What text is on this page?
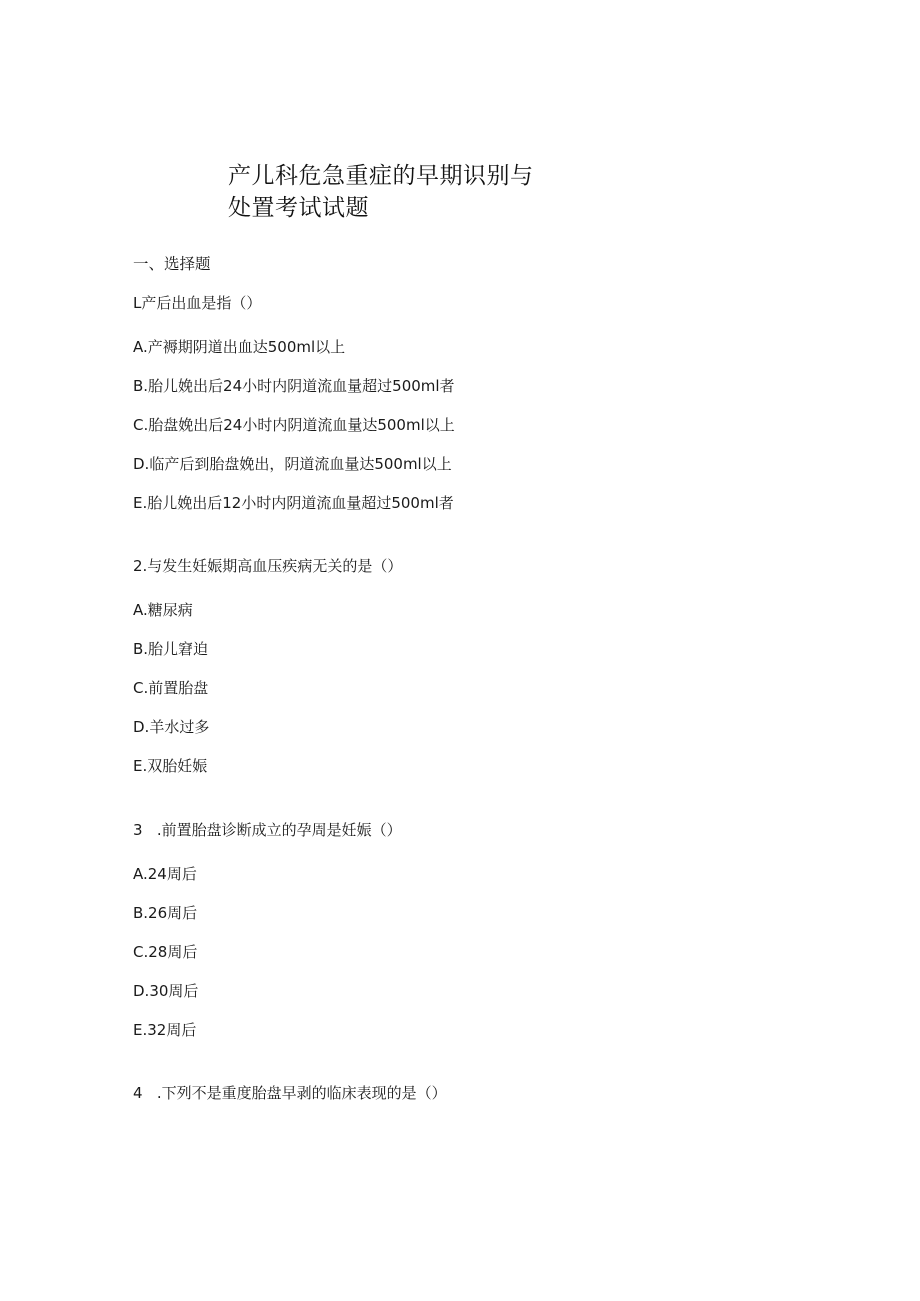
产儿科危急重症的早期识别与
处置考试试题
一、选择题
L产后出血是指（）
A.产褥期阴道出血达500ml以上
B.胎儿娩出后24小时内阴道流血量超过500ml者
C.胎盘娩出后24小时内阴道流血量达500ml以上
D.临产后到胎盘娩出，阴道流血量达500ml以上
E.胎儿娩出后12小时内阴道流血量超过500ml者
2.与发生妊娠期高血压疾病无关的是（）
A.糖尿病
B.胎儿窘迫
C.前置胎盘
D.羊水过多
E.双胎妊娠
3   .前置胎盘诊断成立的孕周是妊娠（）
A.24周后
B.26周后
C.28周后
D.30周后
E.32周后
4   .下列不是重度胎盘早剥的临床表现的是（）
